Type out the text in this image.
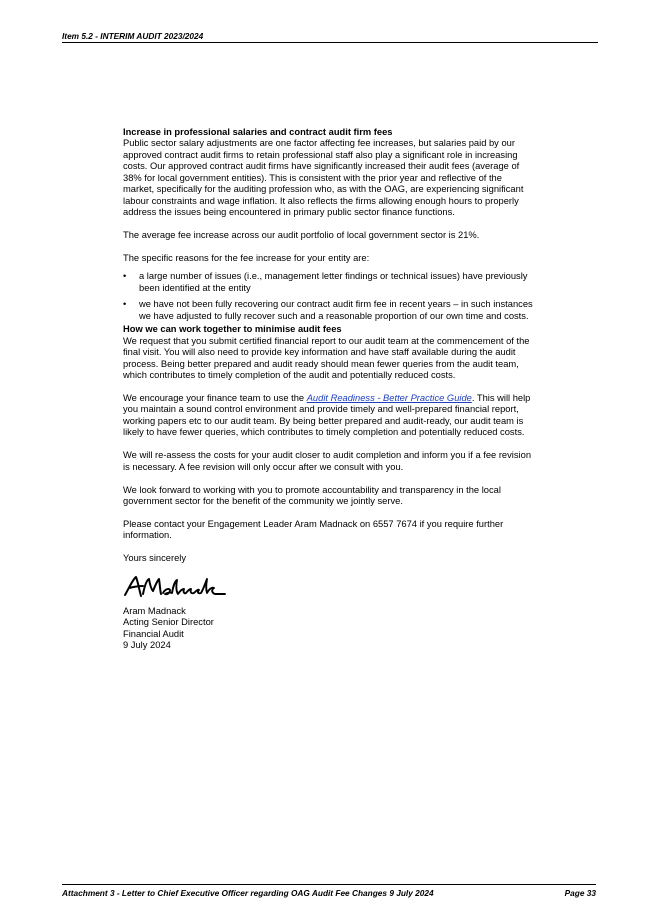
Item 5.2 - INTERIM AUDIT 2023/2024

Increase in professional salaries and contract audit firm fees

Public sector salary adjustments are one factor affecting fee increases, but salaries paid by our approved contract audit firms to retain professional staff also play a significant role in increasing costs. Our approved contract audit firms have significantly increased their audit fees (average of 38% for local government entities). This is consistent with the prior year and reflective of the market, specifically for the auditing profession who, as with the OAG, are experiencing significant labour constraints and wage inflation. It also reflects the firms allowing enough hours to properly address the issues being encountered in primary public sector finance functions.

The average fee increase across our audit portfolio of local government sector is 21%.

The specific reasons for the fee increase for your entity are:

• a large number of issues (i.e., management letter findings or technical issues) have previously been identified at the entity
• we have not been fully recovering our contract audit firm fee in recent years – in such instances we have adjusted to fully recover such and a reasonable proportion of our own time and costs.

How we can work together to minimise audit fees

We request that you submit certified financial report to our audit team at the commencement of the final visit. You will also need to provide key information and have staff available during the audit process. Being better prepared and audit ready should mean fewer queries from the audit team, which contributes to timely completion of the audit and potentially reduced costs.

We encourage your finance team to use the Audit Readiness - Better Practice Guide. This will help you maintain a sound control environment and provide timely and well-prepared financial report, working papers etc to our audit team. By being better prepared and audit-ready, our audit team is likely to have fewer queries, which contributes to timely completion and potentially reduced costs.

We will re-assess the costs for your audit closer to audit completion and inform you if a fee revision is necessary. A fee revision will only occur after we consult with you.

We look forward to working with you to promote accountability and transparency in the local government sector for the benefit of the community we jointly serve.

Please contact your Engagement Leader Aram Madnack on 6557 7674 if you require further information.

Yours sincerely

Aram Madnack

Acting Senior Director

Financial Audit

9 July 2024

Attachment 3 - Letter to Chief Executive Officer regarding OAG Audit Fee Changes 9 July 2024	Page 33
